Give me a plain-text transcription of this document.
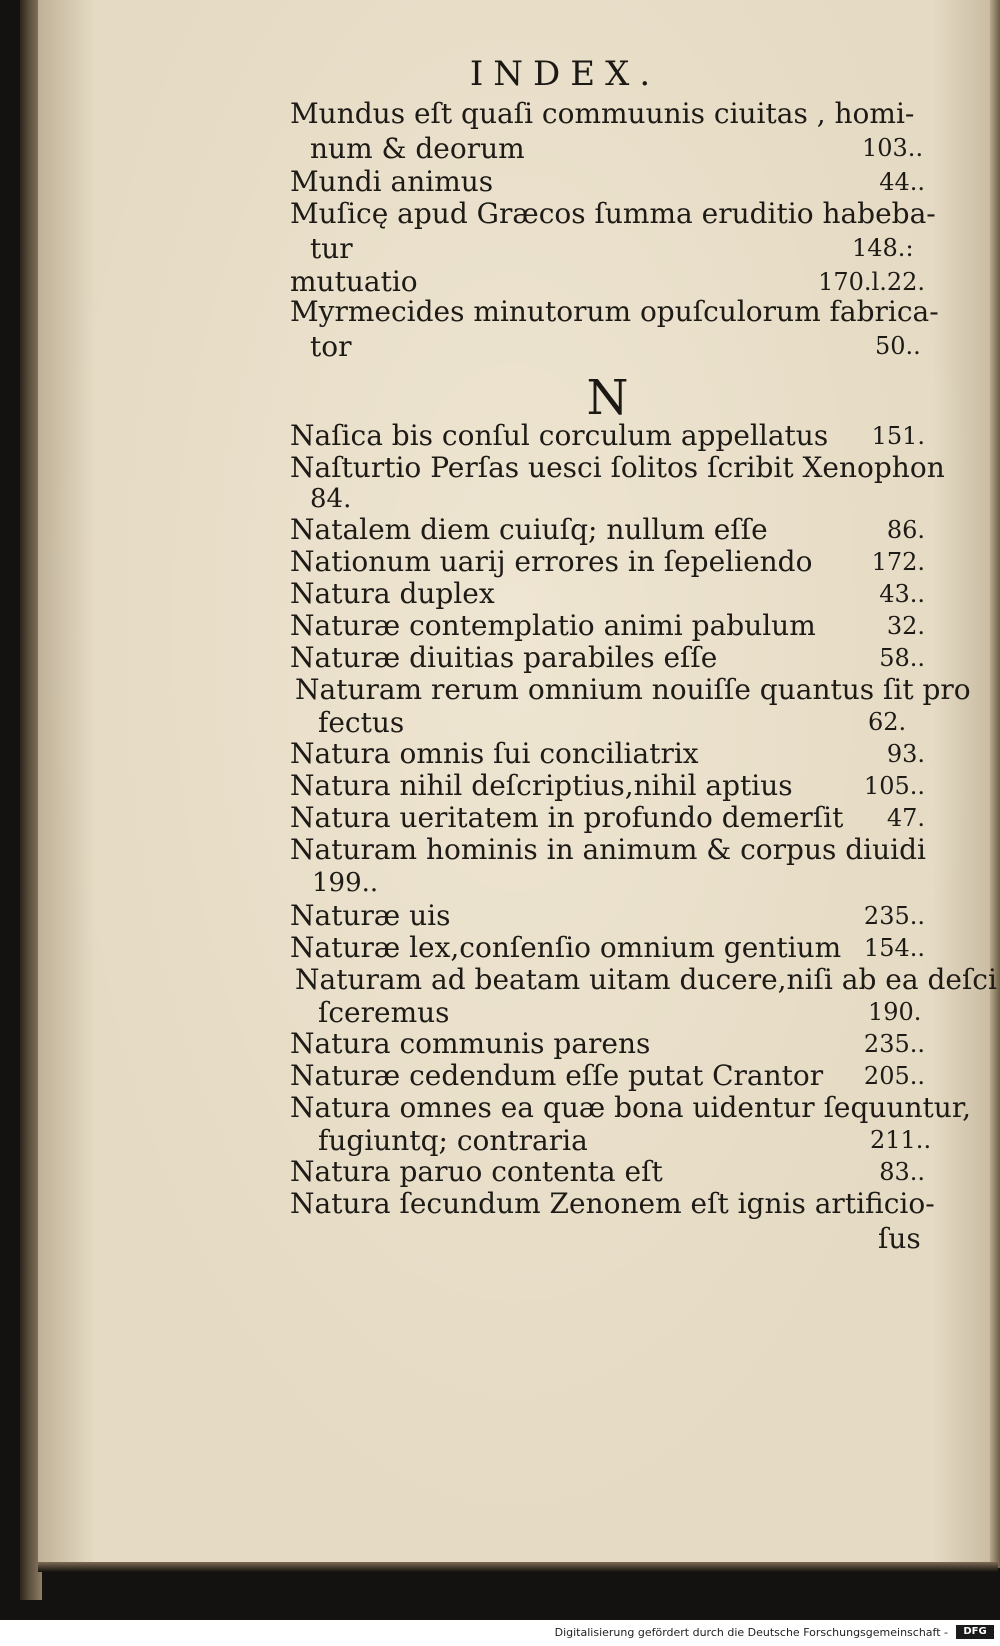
INDEX.
Mundus eſt quaſi commuunis ciuitas , homi-
num & deorum	103..
Mundi animus	44..
Muſicę apud Græcos ſumma eruditio habeba-
tur	148.:
mutuatio	170.l.22.
Myrmecides minutorum opuſculorum fabrica-
tor	50..
N
Naſica bis conſul corculum appellatus 151.
Naſturtio Perſas uesci ſolitos ſcribit Xenophon
84.
Natalem diem cuiuſq; nullum eſſe	86.
Nationum uarij errores in ſepeliendo 172.
Natura duplex	43..
Naturæ contemplatio animi pabulum	32.
Naturæ diuitias parabiles eſſe	58..
Naturam rerum omnium nouiſſe quantus ſit pro
fectus	62.
Natura omnis ſui conciliatrix	93.
Natura nihil deſcriptius,nihil aptius	105..
Natura ueritatem in profundo demerſit 47.
Naturam hominis in animum & corpus diuidi
199..
Naturæ uis	235..
Naturæ lex,conſenſio omnium gentium 154..
Naturam ad beatam uitam ducere,niſi ab ea deſci
ſceremus	190.
Natura communis parens	235..
Naturæ cedendum eſſe putat Crantor 205..
Natura omnes ea quæ bona uidentur ſequuntur,
fugiuntq; contraria	211..
Natura paruo contenta eſt	83..
Natura ſecundum Zenonem eſt ignis artificio-
ſus
Digitalisierung gefördert durch die Deutsche Forschungsgemeinschaft -	DFG
